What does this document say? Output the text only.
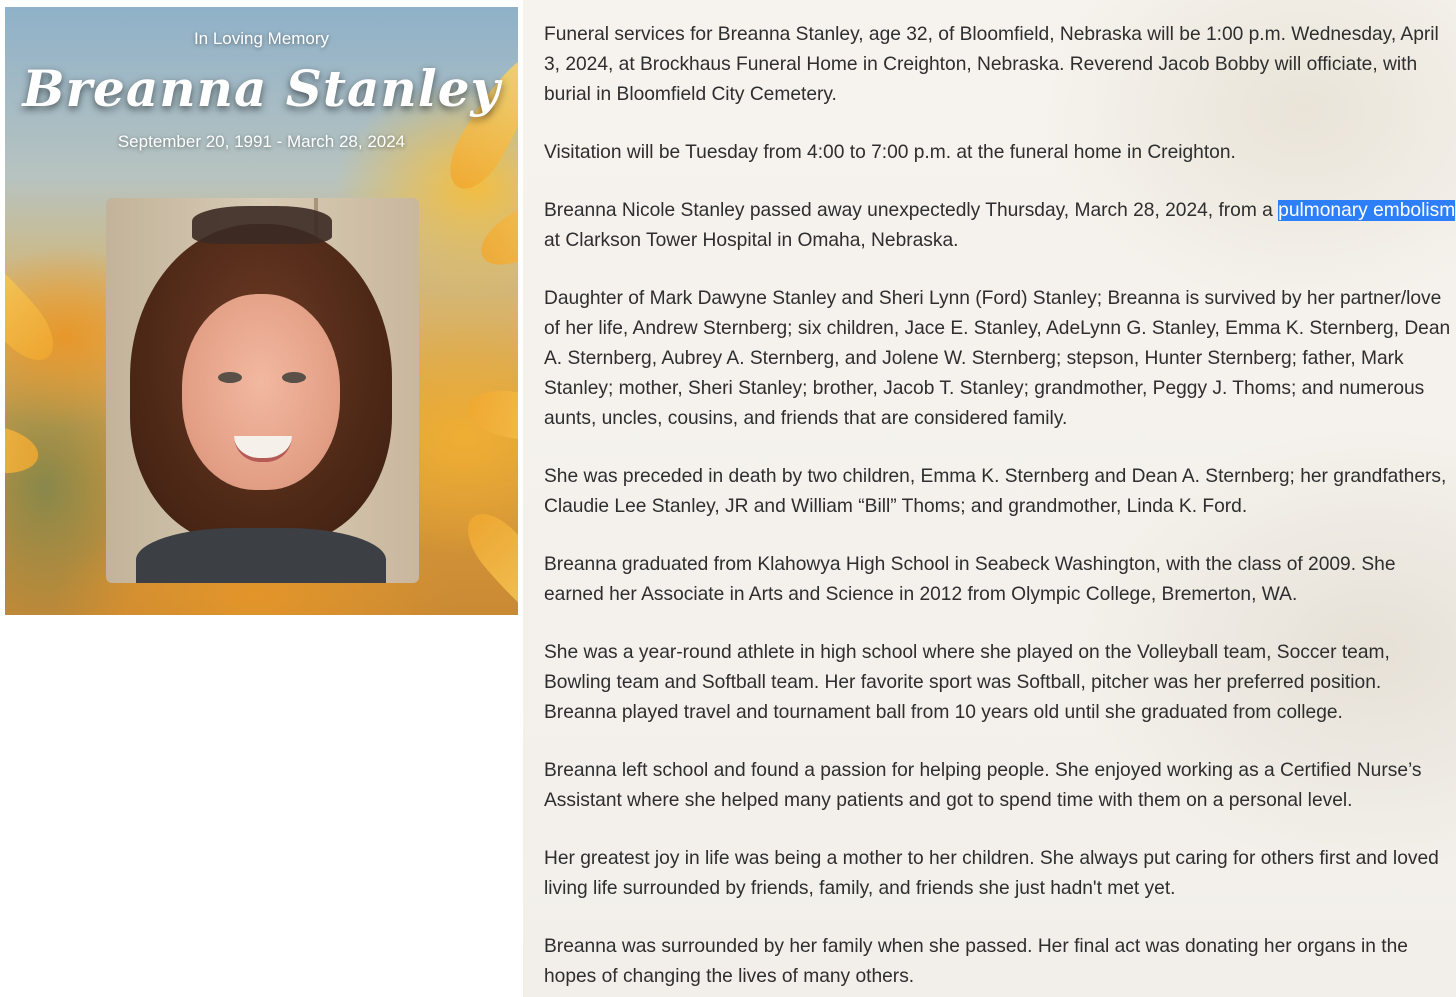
In Loving Memory
Breanna Stanley
September 20, 1991 - March 28, 2024

Funeral services for Breanna Stanley, age 32, of Bloomfield, Nebraska will be 1:00 p.m. Wednesday, April 3, 2024, at Brockhaus Funeral Home in Creighton, Nebraska. Reverend Jacob Bobby will officiate, with burial in Bloomfield City Cemetery.

Visitation will be Tuesday from 4:00 to 7:00 p.m. at the funeral home in Creighton.

Breanna Nicole Stanley passed away unexpectedly Thursday, March 28, 2024, from a pulmonary embolism at Clarkson Tower Hospital in Omaha, Nebraska.

Daughter of Mark Dawyne Stanley and Sheri Lynn (Ford) Stanley; Breanna is survived by her partner/love of her life, Andrew Sternberg; six children, Jace E. Stanley, AdeLynn G. Stanley, Emma K. Sternberg, Dean A. Sternberg, Aubrey A. Sternberg, and Jolene W. Sternberg; stepson, Hunter Sternberg; father, Mark Stanley; mother, Sheri Stanley; brother, Jacob T. Stanley; grandmother, Peggy J. Thoms; and numerous aunts, uncles, cousins, and friends that are considered family.

She was preceded in death by two children, Emma K. Sternberg and Dean A. Sternberg; her grandfathers, Claudie Lee Stanley, JR and William “Bill” Thoms; and grandmother, Linda K. Ford.

Breanna graduated from Klahowya High School in Seabeck Washington, with the class of 2009. She earned her Associate in Arts and Science in 2012 from Olympic College, Bremerton, WA.

She was a year-round athlete in high school where she played on the Volleyball team, Soccer team, Bowling team and Softball team. Her favorite sport was Softball, pitcher was her preferred position. Breanna played travel and tournament ball from 10 years old until she graduated from college.

Breanna left school and found a passion for helping people. She enjoyed working as a Certified Nurse’s Assistant where she helped many patients and got to spend time with them on a personal level.

Her greatest joy in life was being a mother to her children. She always put caring for others first and loved living life surrounded by friends, family, and friends she just hadn't met yet.

Breanna was surrounded by her family when she passed. Her final act was donating her organs in the hopes of changing the lives of many others.
